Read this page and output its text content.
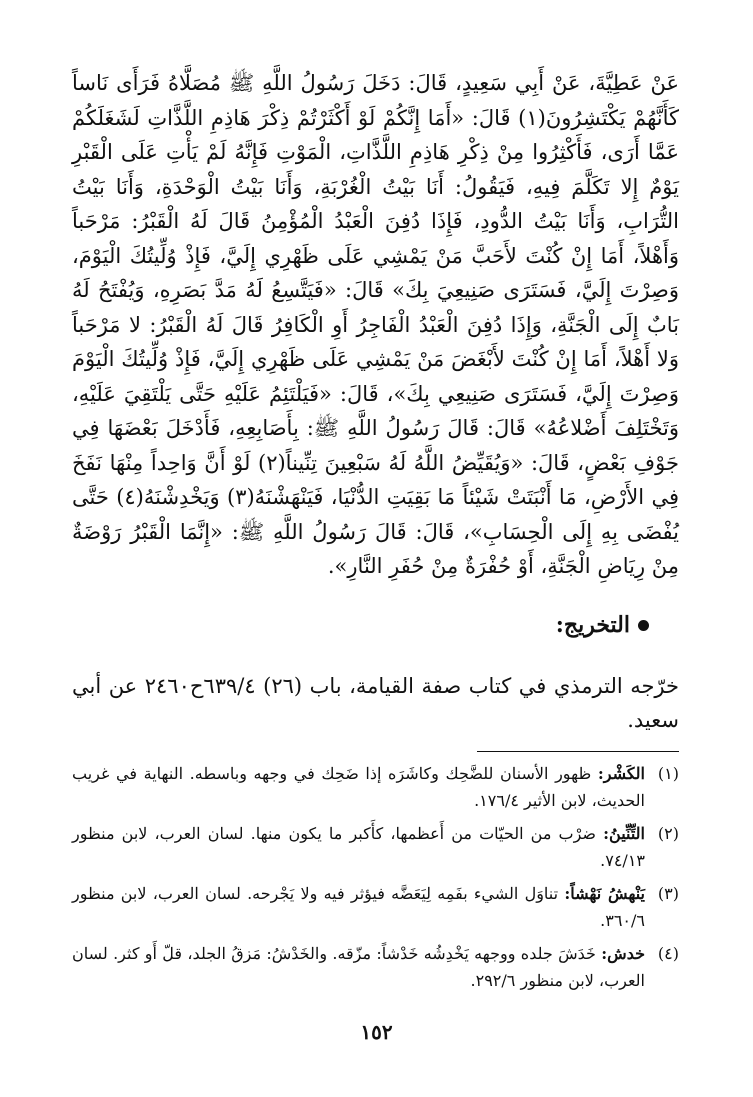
عَنْ عَطِيَّةَ، عَنْ أَبِي سَعِيدٍ، قَالَ: دَخَلَ رَسُولُ اللَّهِ ﷺ مُصَلَّاهُ فَرَأَى نَاساً كَأَنَّهُمْ يَكْتَشِرُونَ(١) قَالَ: «أَمَا إِنَّكُمْ لَوْ أَكْثَرْتُمْ ذِكْرَ هَاذِمِ اللَّذَّاتِ لَشَغَلَكُمْ عَمَّا أَرَى، فَأَكْثِرُوا مِنْ ذِكْرِ هَاذِمِ اللَّذَّاتِ، الْمَوْتِ فَإِنَّهُ لَمْ يَأْتِ عَلَى الْقَبْرِ يَوْمٌ إِلا تَكَلَّمَ فِيهِ، فَيَقُولُ: أَنَا بَيْتُ الْغُرْبَةِ، وَأَنَا بَيْتُ الْوَحْدَةِ، وَأَنَا بَيْتُ التُّرَابِ، وَأَنَا بَيْتُ الدُّودِ، فَإِذَا دُفِنَ الْعَبْدُ الْمُؤْمِنُ قَالَ لَهُ الْقَبْرُ: مَرْحَباً وَأَهْلاً، أَمَا إِنْ كُنْتَ لأَحَبَّ مَنْ يَمْشِي عَلَى ظَهْرِي إِلَيَّ، فَإِذْ وُلِّيتُكَ الْيَوْمَ، وَصِرْتَ إِلَيَّ، فَسَتَرَى صَنِيعِيَ بِكَ» قَالَ: «فَيَتَّسِعُ لَهُ مَدَّ بَصَرِهِ، وَيُفْتَحُ لَهُ بَابٌ إِلَى الْجَنَّةِ، وَإِذَا دُفِنَ الْعَبْدُ الْفَاجِرُ أَوِ الْكَافِرُ قَالَ لَهُ الْقَبْرُ: لا مَرْحَباً وَلا أَهْلاً، أَمَا إِنْ كُنْتَ لأَبْغَضَ مَنْ يَمْشِي عَلَى ظَهْرِي إِلَيَّ، فَإِذْ وُلِّيتُكَ الْيَوْمَ وَصِرْتَ إِلَيَّ، فَسَتَرَى صَنِيعِي بِكَ»، قَالَ: «فَيَلْتَئِمُ عَلَيْهِ حَتَّى يَلْتَقِيَ عَلَيْهِ، وَتَخْتَلِفَ أَضْلاعُهُ» قَالَ: قَالَ رَسُولُ اللَّهِ ﷺ: بِأَصَابِعِهِ، فَأَدْخَلَ بَعْضَهَا فِي جَوْفِ بَعْضٍ، قَالَ: «وَيُقَيِّضُ اللَّهُ لَهُ سَبْعِينَ تِنِّيناً(٢) لَوْ أَنَّ وَاحِداً مِنْهَا نَفَخَ فِي الأَرْضِ، مَا أَنْبَتَتْ شَيْئاً مَا بَقِيَتِ الدُّنْيَا، فَيَنْهَشْنَهُ(٣) وَيَخْدِشْنَهُ(٤) حَتَّى يُفْضَى بِهِ إِلَى الْحِسَابِ»، قَالَ: قَالَ رَسُولُ اللَّهِ ﷺ: «إِنَّمَا الْقَبْرُ رَوْضَةٌ مِنْ رِيَاضِ الْجَنَّةِ، أَوْ حُفْرَةٌ مِنْ حُفَرِ النَّارِ».

التخريج:
خرّجه الترمذي في كتاب صفة القيامة، باب (٢٦) ٦٣٩/٤ح٢٤٦٠ عن أبي سعيد.
(١)
الكَشْر: ظهور الأسنان للضَّحِك وكاشَرَه إذا ضَحِك في وجهه وباسطه. النهاية في غريب الحديث، لابن الأثير ١٧٦/٤.
(٢)
التِّنِّينُ: ضرْب من الحيّات من أَعظمها، كأَكبر ما يكون منها. لسان العرب، لابن منظور ٧٤/١٣.
(٣)
يَنْهشُ نَهْشاً: تناوَل الشيء بفَمِه لِيَعَضَّه فيؤثر فيه ولا يَجْرحه. لسان العرب، لابن منظور ٣٦٠/٦.
(٤)
خدش: خَدَشَ جلده ووجهه يَخْدِشُه خَدْشاً: مزّقه. والخَدْشُ: مَزقُ الجلد، قلّ أَو كثر. لسان العرب، لابن منظور ٢٩٢/٦.
١٥٢
